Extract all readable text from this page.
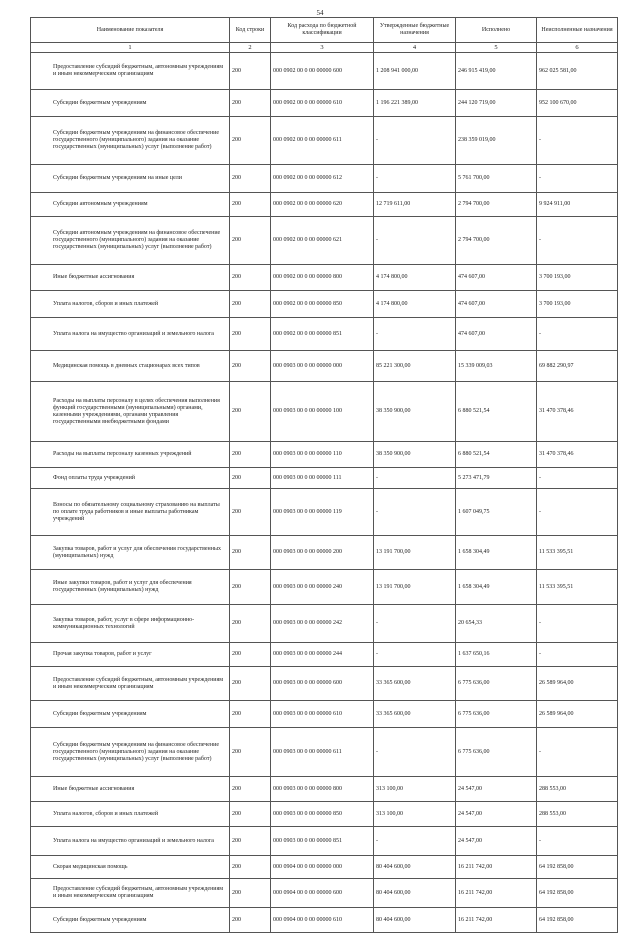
54
Наименование показателя	Код строки	Код расхода по бюджетной классификации	Утвержденные бюджетные назначения	Исполнено	Неисполненные назначения
1	2	3	4	5	6
Предоставление субсидий бюджетным, автономным учреждениям и иным некоммерческим организациям	200	000 0902 00 0 00 00000 600	1 208 941 000,00	246 915 419,00	962 025 581,00
Субсидии бюджетным учреждениям	200	000 0902 00 0 00 00000 610	1 196 221 389,00	244 120 719,00	952 100 670,00
Субсидии бюджетным учреждениям на финансовое обеспечение государственного (муниципального) задания на оказание государственных (муниципальных) услуг (выполнение работ)	200	000 0902 00 0 00 00000 611	-	238 359 019,00	-
Субсидии бюджетным учреждениям на иные цели	200	000 0902 00 0 00 00000 612	-	5 761 700,00	-
Субсидии автономным учреждениям	200	000 0902 00 0 00 00000 620	12 719 611,00	2 794 700,00	9 924 911,00
Субсидии автономным учреждениям на финансовое обеспечение государственного (муниципального) задания на оказание государственных (муниципальных) услуг (выполнение работ)	200	000 0902 00 0 00 00000 621	-	2 794 700,00	-
Иные бюджетные ассигнования	200	000 0902 00 0 00 00000 800	4 174 800,00	474 607,00	3 700 193,00
Уплата налогов, сборов и иных платежей	200	000 0902 00 0 00 00000 850	4 174 800,00	474 607,00	3 700 193,00
Уплата налога на имущество организаций и земельного налога	200	000 0902 00 0 00 00000 851	-	474 607,00	-
Медицинская помощь в дневных стационарах всех типов	200	000 0903 00 0 00 00000 000	85 221 300,00	15 339 009,03	69 882 290,97
Расходы на выплаты персоналу в целях обеспечения выполнения функций государственными (муниципальными) органами, казенными учреждениями, органами управления государственными внебюджетными фондами	200	000 0903 00 0 00 00000 100	38 350 900,00	6 880 521,54	31 470 378,46
Расходы на выплаты персоналу казенных учреждений	200	000 0903 00 0 00 00000 110	38 350 900,00	6 880 521,54	31 470 378,46
Фонд оплаты труда учреждений	200	000 0903 00 0 00 00000 111	-	5 273 471,79	-
Взносы по обязательному социальному страхованию на выплаты по оплате труда работников и иные выплаты работникам учреждений	200	000 0903 00 0 00 00000 119	-	1 607 049,75	-
Закупка товаров, работ и услуг для обеспечения государственных (муниципальных) нужд	200	000 0903 00 0 00 00000 200	13 191 700,00	1 658 304,49	11 533 395,51
Иные закупки товаров, работ и услуг для обеспечения государственных (муниципальных) нужд	200	000 0903 00 0 00 00000 240	13 191 700,00	1 658 304,49	11 533 395,51
Закупка товаров, работ, услуг в сфере информационно-коммуникационных технологий	200	000 0903 00 0 00 00000 242	-	20 654,33	-
Прочая закупка товаров, работ и услуг	200	000 0903 00 0 00 00000 244	-	1 637 650,16	-
Предоставление субсидий бюджетным, автономным учреждениям и иным некоммерческим организациям	200	000 0903 00 0 00 00000 600	33 365 600,00	6 775 636,00	26 589 964,00
Субсидии бюджетным учреждениям	200	000 0903 00 0 00 00000 610	33 365 600,00	6 775 636,00	26 589 964,00
Субсидии бюджетным учреждениям на финансовое обеспечение государственного (муниципального) задания на оказание государственных (муниципальных) услуг (выполнение работ)	200	000 0903 00 0 00 00000 611	-	6 775 636,00	-
Иные бюджетные ассигнования	200	000 0903 00 0 00 00000 800	313 100,00	24 547,00	288 553,00
Уплата налогов, сборов и иных платежей	200	000 0903 00 0 00 00000 850	313 100,00	24 547,00	288 553,00
Уплата налога на имущество организаций и земельного налога	200	000 0903 00 0 00 00000 851	-	24 547,00	-
Скорая медицинская помощь	200	000 0904 00 0 00 00000 000	80 404 600,00	16 211 742,00	64 192 858,00
Предоставление субсидий бюджетным, автономным учреждениям и иным некоммерческим организациям	200	000 0904 00 0 00 00000 600	80 404 600,00	16 211 742,00	64 192 858,00
Субсидии бюджетным учреждениям	200	000 0904 00 0 00 00000 610	80 404 600,00	16 211 742,00	64 192 858,00
